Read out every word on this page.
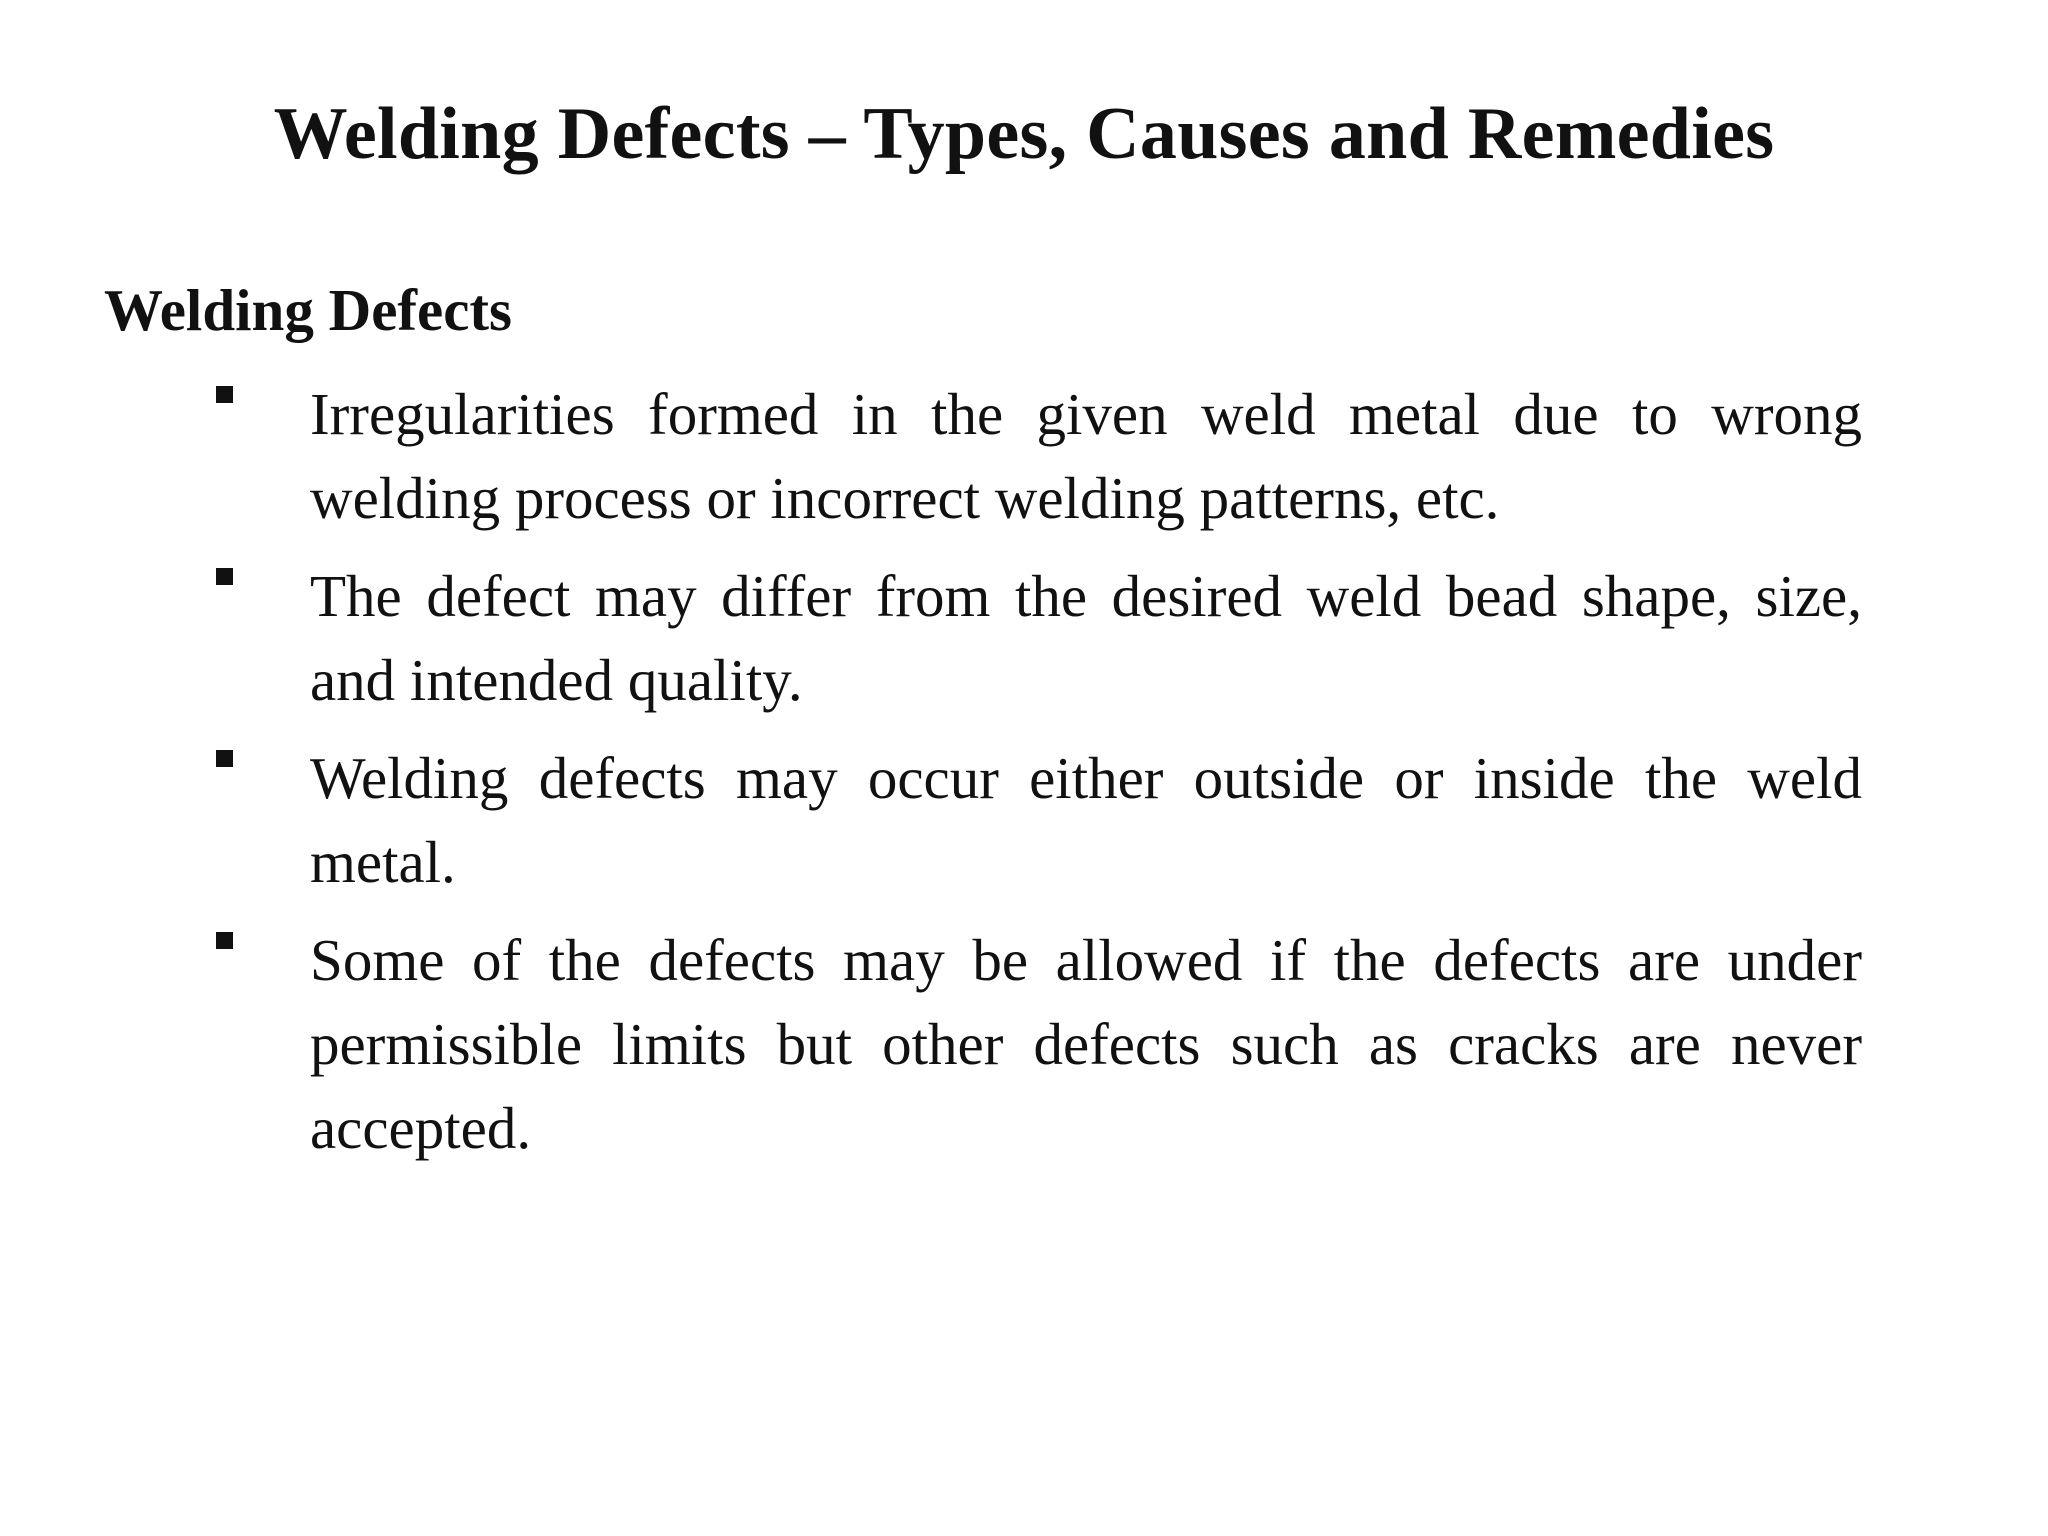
Welding Defects – Types, Causes and Remedies
Welding Defects
Irregularities formed in the given weld metal due to wrong welding process or incorrect welding patterns, etc.
The defect may differ from the desired weld bead shape, size, and intended quality.
Welding defects may occur either outside or inside the weld metal.
Some of the defects may be allowed if the defects are under permissible limits but other defects such as cracks are never accepted.
